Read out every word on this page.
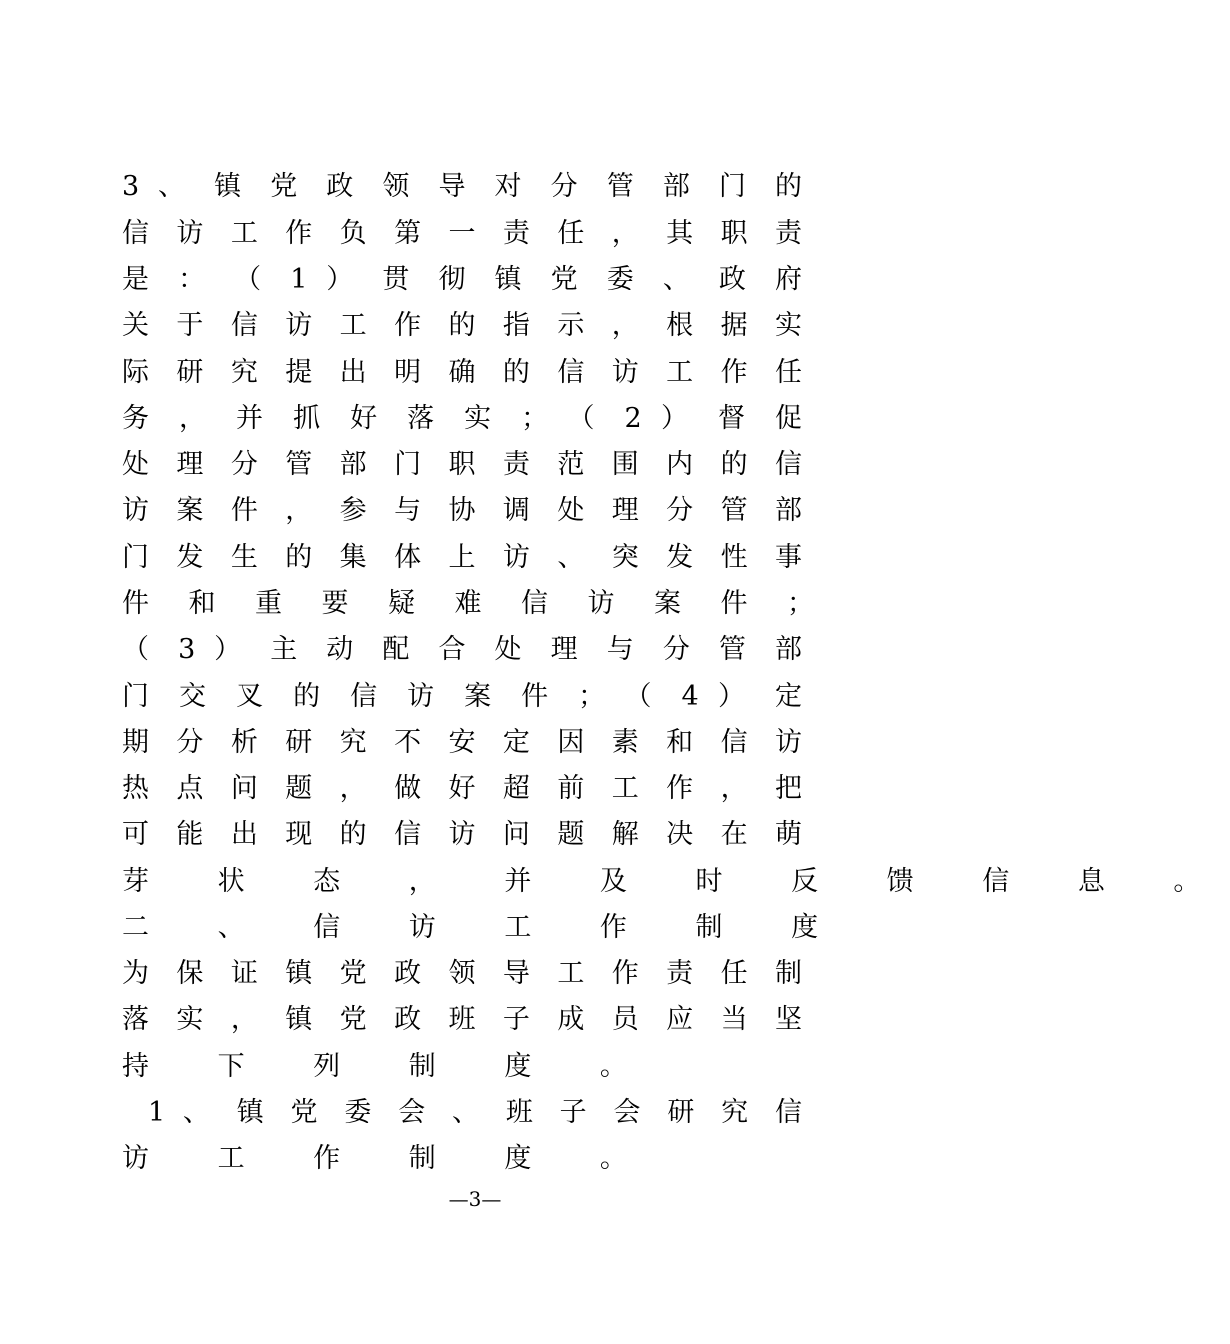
3 、 镇 党 政 领 导 对 分 管 部 门 的
信 访 工 作 负 第 一 责 任 ， 其 职 责
是 ： （ 1 ） 贯 彻 镇 党 委 、 政 府
关 于 信 访 工 作 的 指 示 ， 根 据 实
际 研 究 提 出 明 确 的 信 访 工 作 任
务 ， 并 抓 好 落 实 ； （ 2 ） 督 促
处 理 分 管 部 门 职 责 范 围 内 的 信
访 案 件 ， 参 与 协 调 处 理 分 管 部
门 发 生 的 集 体 上 访 、 突 发 性 事
件 和 重 要 疑 难 信 访 案 件 ；
（ 3 ） 主 动 配 合 处 理 与 分 管 部
门 交 叉 的 信 访 案 件 ； （ 4 ） 定
期 分 析 研 究 不 安 定 因 素 和 信 访
热 点 问 题 ， 做 好 超 前 工 作 ， 把
可 能 出 现 的 信 访 问 题 解 决 在 萌
芽 状 态 ， 并 及 时 反 馈 信 息 。
二 、 信 访 工 作 制 度
为 保 证 镇 党 政 领 导 工 作 责 任 制
落 实 ， 镇 党 政 班 子 成 员 应 当 坚
持 下 列 制 度 。
1 、 镇 党 委 会 、 班 子 会 研 究 信
访 工 作 制 度 。
—3—
